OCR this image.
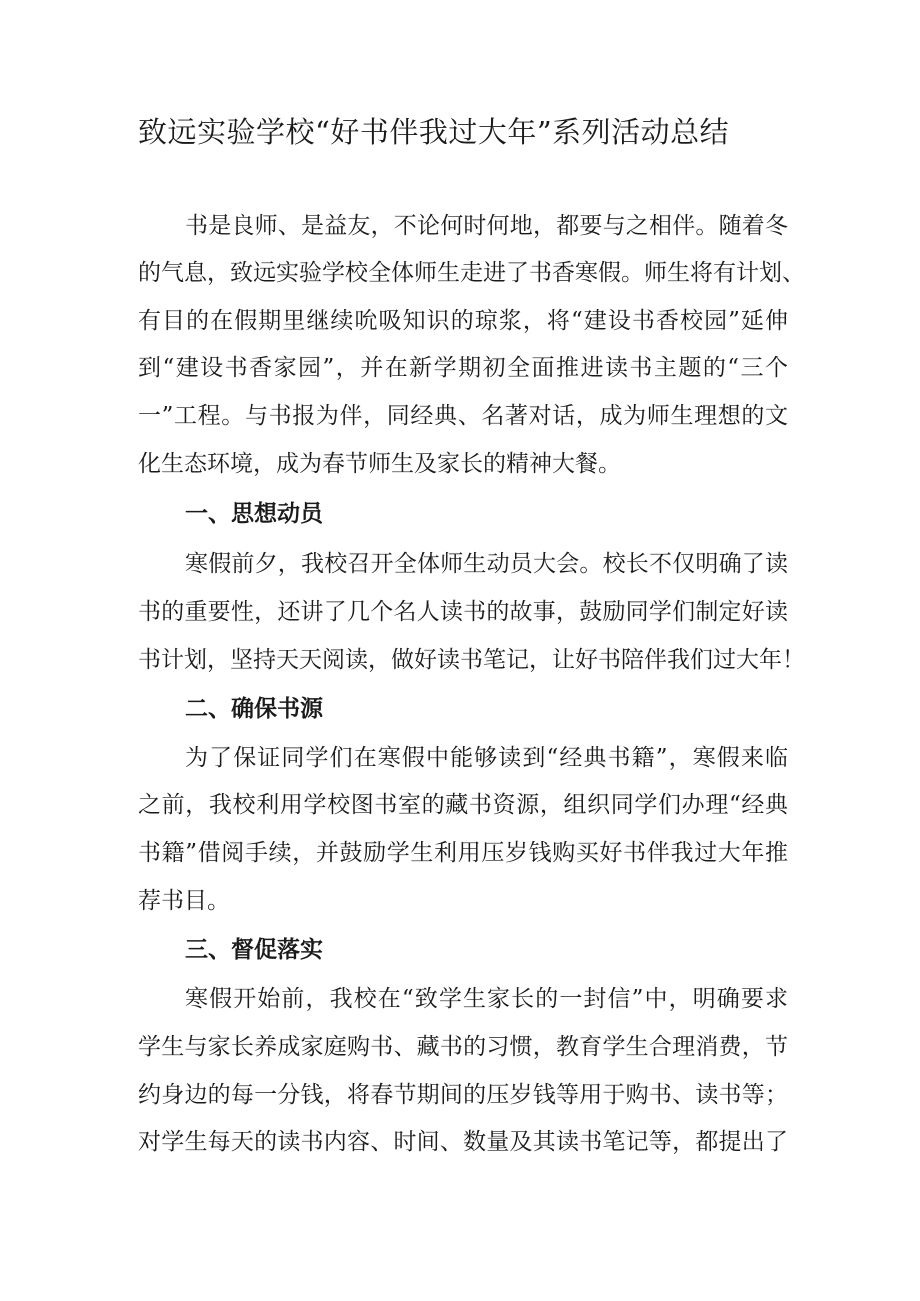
致远实验学校“好书伴我过大年”系列活动总结
书是良师、是益友，不论何时何地，都要与之相伴。随着冬
的气息，致远实验学校全体师生走进了书香寒假。师生将有计划、
有目的在假期里继续吮吸知识的琼浆，将“建设书香校园”延伸
到“建设书香家园”，并在新学期初全面推进读书主题的“三个
一”工程。与书报为伴，同经典、名著对话，成为师生理想的文
化生态环境，成为春节师生及家长的精神大餐。
一、思想动员
寒假前夕，我校召开全体师生动员大会。校长不仅明确了读
书的重要性，还讲了几个名人读书的故事，鼓励同学们制定好读
书计划，坚持天天阅读，做好读书笔记，让好书陪伴我们过大年！
二、确保书源
为了保证同学们在寒假中能够读到“经典书籍”，寒假来临
之前，我校利用学校图书室的藏书资源，组织同学们办理“经典
书籍”借阅手续，并鼓励学生利用压岁钱购买好书伴我过大年推
荐书目。
三、督促落实
寒假开始前，我校在“致学生家长的一封信”中，明确要求
学生与家长养成家庭购书、藏书的习惯，教育学生合理消费，节
约身边的每一分钱，将春节期间的压岁钱等用于购书、读书等；
对学生每天的读书内容、时间、数量及其读书笔记等，都提出了
